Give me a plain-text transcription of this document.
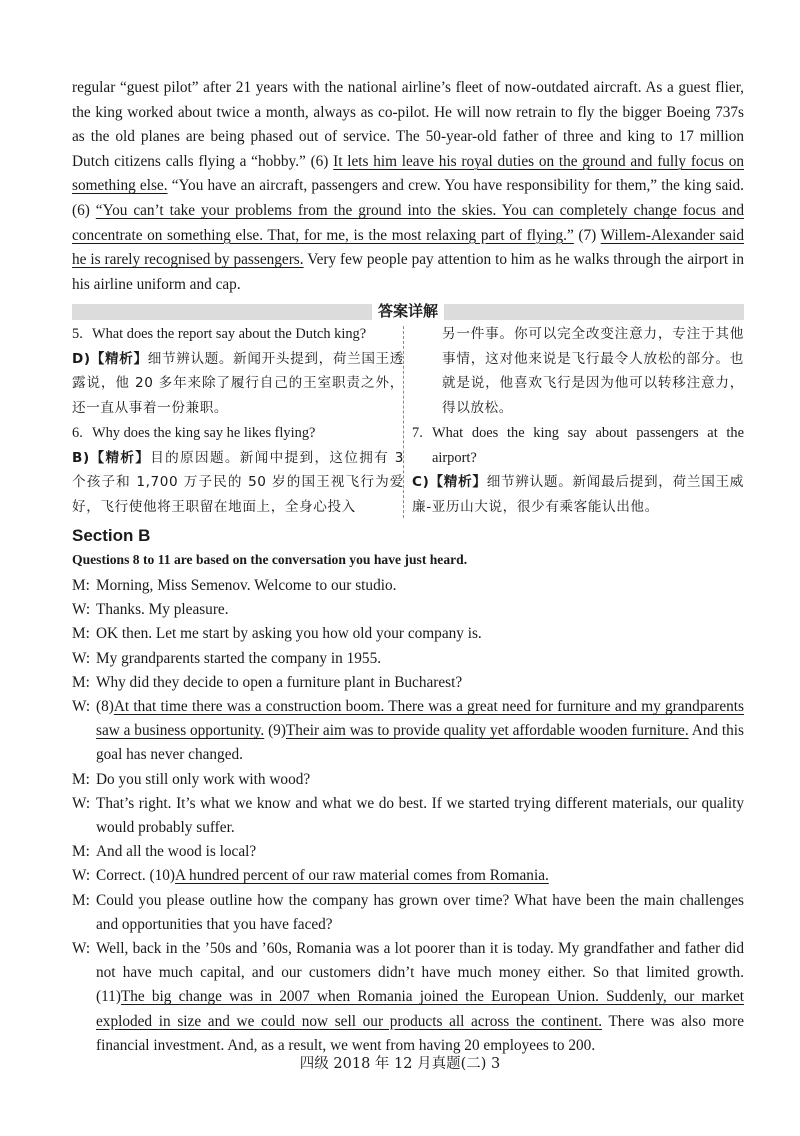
regular “guest pilot” after 21 years with the national airline’s fleet of now-outdated aircraft. As a guest flier, the king worked about twice a month, always as co-pilot. He will now retrain to fly the bigger Boeing 737s as the old planes are being phased out of service. The 50-year-old father of three and king to 17 million Dutch citizens calls flying a “hobby.” (6) It lets him leave his royal duties on the ground and fully focus on something else. “You have an aircraft, passengers and crew. You have responsibility for them,” the king said. (6) “You can’t take your problems from the ground into the skies. You can completely change focus and concentrate on something else. That, for me, is the most relaxing part of flying.” (7) Willem-Alexander said he is rarely recognised by passengers. Very few people pay attention to him as he walks through the airport in his airline uniform and cap.
答案详解
5. What does the report say about the Dutch king?
D)【精析】细节辨认题。新闻开头提到，荷兰国王透露说，他 20 多年来除了履行自己的王室职责之外，还一直从事着一份兼职。
6. Why does the king say he likes flying?
B)【精析】目的原因题。新闻中提到，这位拥有 3 个孩子和 1,700 万子民的 50 岁的国王视飞行为爱好，飞行使他将王职留在地面上，全身心投入
另一件事。你可以完全改变注意力，专注于其他事情，这对他来说是飞行最令人放松的部分。也就是说，他喜欢飞行是因为他可以转移注意力，得以放松。
7. What does the king say about passengers at the airport?
C)【精析】细节辨认题。新闻最后提到，荷兰国王威廉-亚历山大说，很少有乘客能认出他。
Section B
Questions 8 to 11 are based on the conversation you have just heard.
M: Morning, Miss Semenov. Welcome to our studio.
W: Thanks. My pleasure.
M: OK then. Let me start by asking you how old your company is.
W: My grandparents started the company in 1955.
M: Why did they decide to open a furniture plant in Bucharest?
W: (8)At that time there was a construction boom. There was a great need for furniture and my grandparents saw a business opportunity. (9)Their aim was to provide quality yet affordable wooden furniture. And this goal has never changed.
M: Do you still only work with wood?
W: That’s right. It’s what we know and what we do best. If we started trying different materials, our quality would probably suffer.
M: And all the wood is local?
W: Correct. (10)A hundred percent of our raw material comes from Romania.
M: Could you please outline how the company has grown over time? What have been the main challenges and opportunities that you have faced?
W: Well, back in the ’50s and ’60s, Romania was a lot poorer than it is today. My grandfather and father did not have much capital, and our customers didn’t have much money either. So that limited growth. (11)The big change was in 2007 when Romania joined the European Union. Suddenly, our market exploded in size and we could now sell our products all across the continent. There was also more financial investment. And, as a result, we went from having 20 employees to 200.
四级 2018 年 12 月真题(二) 3
